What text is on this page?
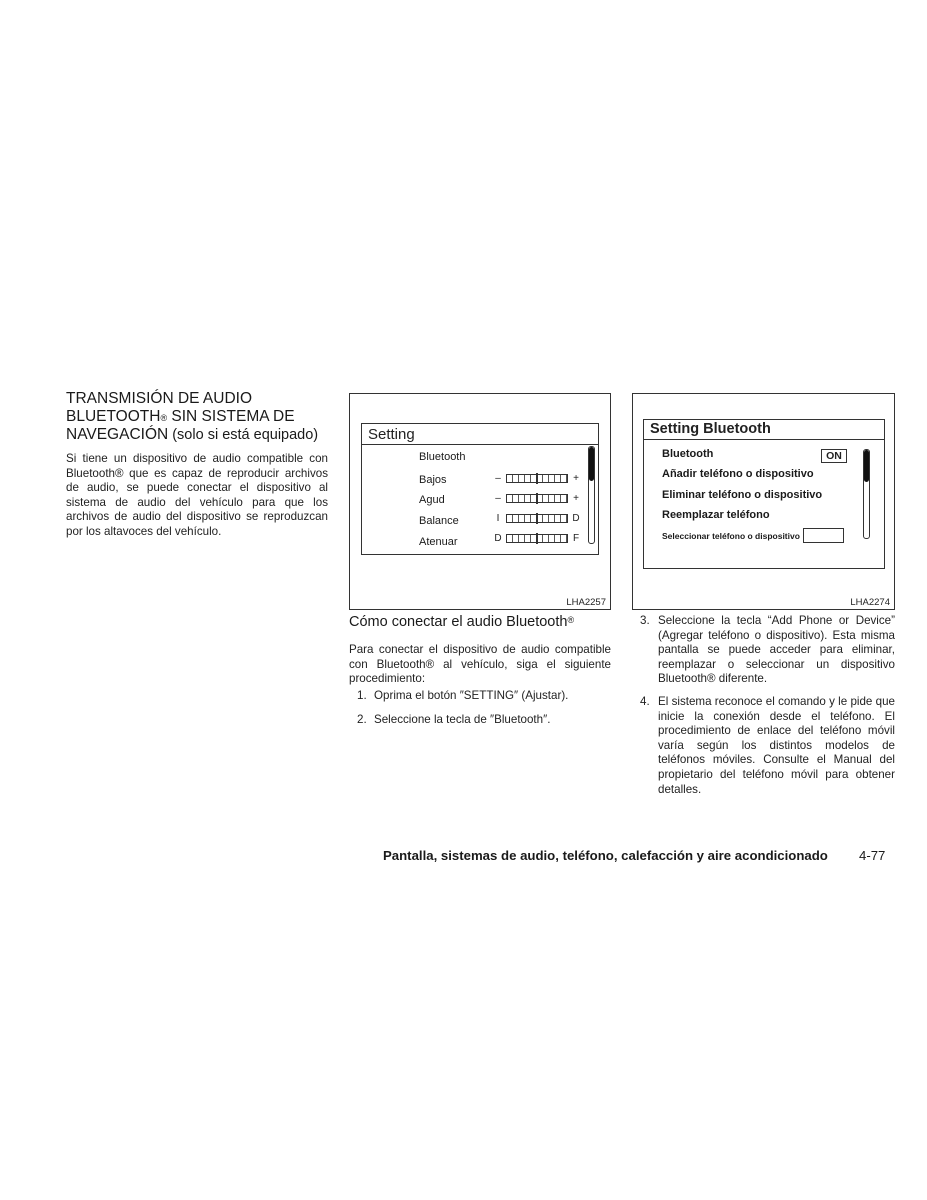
TRANSMISIÓN DE AUDIO
BLUETOOTH® SIN SISTEMA DE
NAVEGACIÓN (solo si está equipado)
Si tiene un dispositivo de audio compatible con Bluetooth® que es capaz de reproducir archivos de audio, se puede conectar el dispositivo al sistema de audio del vehículo para que los archivos de audio del dispositivo se reproduzcan por los altavoces del vehículo.
Setting
Bluetooth
Bajos
Agud
Balance
Atenuar
–	+
–	+
I	D
D	F
LHA2257
Setting Bluetooth
Bluetooth	ON
Añadir teléfono o dispositivo
Eliminar teléfono o dispositivo
Reemplazar teléfono
Seleccionar teléfono o dispositivo
LHA2274
Cómo conectar el audio Bluetooth®
Para conectar el dispositivo de audio compatible con Bluetooth® al vehículo, siga el siguiente procedimiento:
1. Oprima el botón ″SETTING″ (Ajustar).
2. Seleccione la tecla de ″Bluetooth″.
3. Seleccione la tecla “Add Phone or Device” (Agregar teléfono o dispositivo). Esta misma pantalla se puede acceder para eliminar, reemplazar o seleccionar un dispositivo Bluetooth® diferente.
4. El sistema reconoce el comando y le pide que inicie la conexión desde el teléfono. El procedimiento de enlace del teléfono móvil varía según los distintos modelos de teléfonos móviles. Consulte el Manual del propietario del teléfono móvil para obtener detalles.
Pantalla, sistemas de audio, teléfono, calefacción y aire acondicionado 4-77
